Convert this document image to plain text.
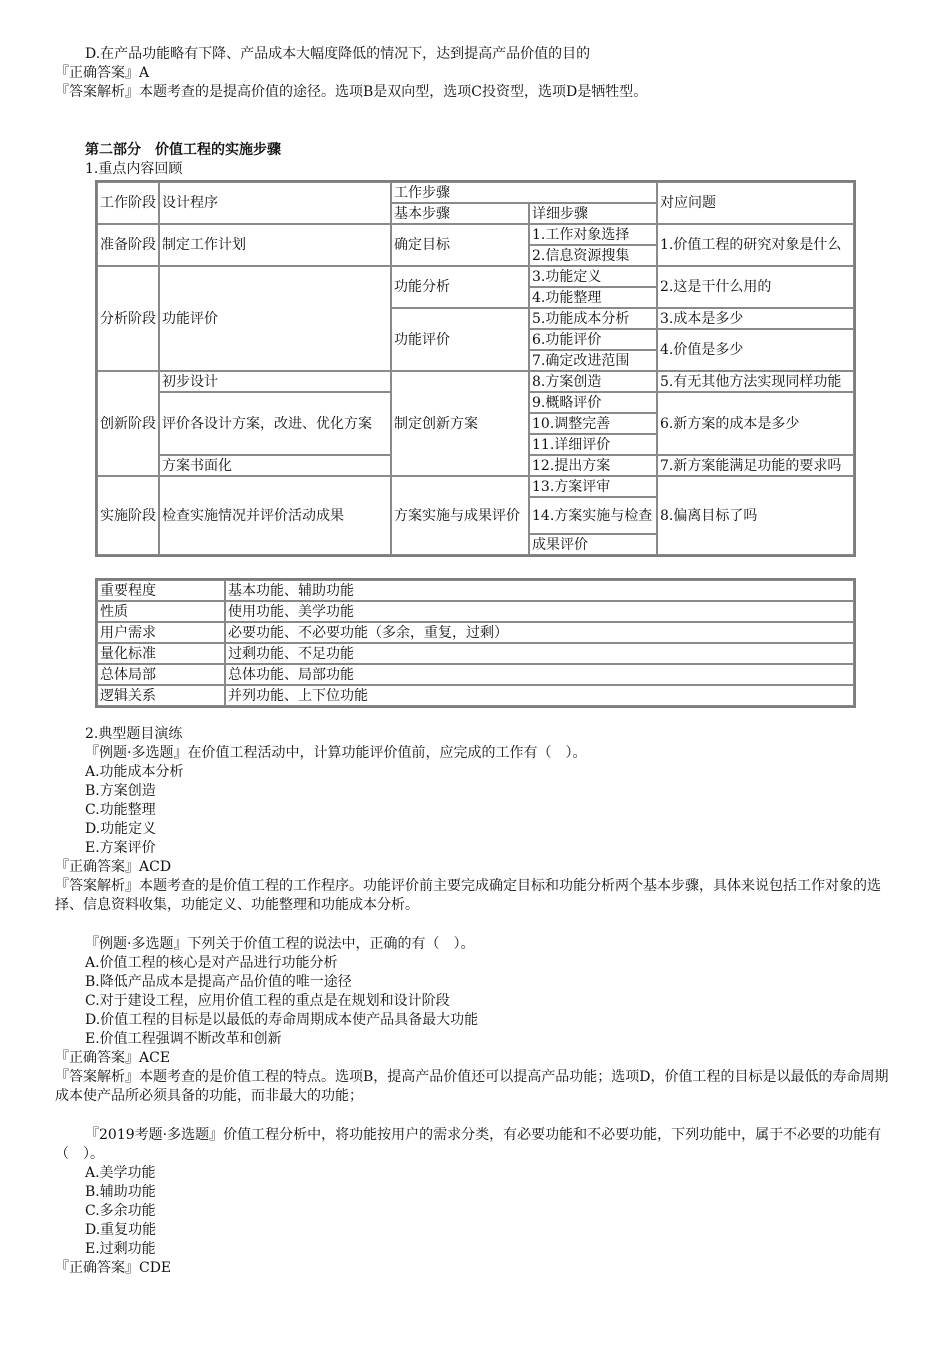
D.在产品功能略有下降、产品成本大幅度降低的情况下，达到提高产品价值的目的
『正确答案』A
『答案解析』本题考查的是提高价值的途径。选项B是双向型，选项C投资型，选项D是牺牲型。
第二部分　价值工程的实施步骤
1.重点内容回顾
工作阶段	设计程序	工作步骤		对应问题
		基本步骤	详细步骤	
准备阶段	制定工作计划	确定目标	1.工作对象选择	1.价值工程的研究对象是什么
			2.信息资源搜集	
分析阶段	功能评价	功能分析	3.功能定义	2.这是干什么用的
			4.功能整理	
		功能评价	5.功能成本分析	3.成本是多少
			6.功能评价	4.价值是多少
			7.确定改进范围	
创新阶段	初步设计	制定创新方案	8.方案创造	5.有无其他方法实现同样功能
	评价各设计方案，改进、优化方案		9.概略评价	6.新方案的成本是多少
			10.调整完善	
			11.详细评价	
	方案书面化		12.提出方案	7.新方案能满足功能的要求吗
实施阶段	检查实施情况并评价活动成果	方案实施与成果评价	13.方案评审	8.偏离目标了吗
			14.方案实施与检查	
			成果评价	
重要程度	基本功能、辅助功能
性质	使用功能、美学功能
用户需求	必要功能、不必要功能（多余，重复，过剩）
量化标准	过剩功能、不足功能
总体局部	总体功能、局部功能
逻辑关系	并列功能、上下位功能
2.典型题目演练
『例题·多选题』在价值工程活动中，计算功能评价值前，应完成的工作有（　）。
A.功能成本分析
B.方案创造
C.功能整理
D.功能定义
E.方案评价
『正确答案』ACD
『答案解析』本题考查的是价值工程的工作程序。功能评价前主要完成确定目标和功能分析两个基本步骤，具体来说包括工作对象的选择、信息资料收集，功能定义、功能整理和功能成本分析。
『例题·多选题』下列关于价值工程的说法中，正确的有（　）。
A.价值工程的核心是对产品进行功能分析
B.降低产品成本是提高产品价值的唯一途径
C.对于建设工程，应用价值工程的重点是在规划和设计阶段
D.价值工程的目标是以最低的寿命周期成本使产品具备最大功能
E.价值工程强调不断改革和创新
『正确答案』ACE
『答案解析』本题考查的是价值工程的特点。选项B，提高产品价值还可以提高产品功能；选项D，价值工程的目标是以最低的寿命周期成本使产品所必须具备的功能，而非最大的功能；
『2019考题·多选题』价值工程分析中，将功能按用户的需求分类，有必要功能和不必要功能，下列功能中，属于不必要的功能有（　）。
A.美学功能
B.辅助功能
C.多余功能
D.重复功能
E.过剩功能
『正确答案』CDE
